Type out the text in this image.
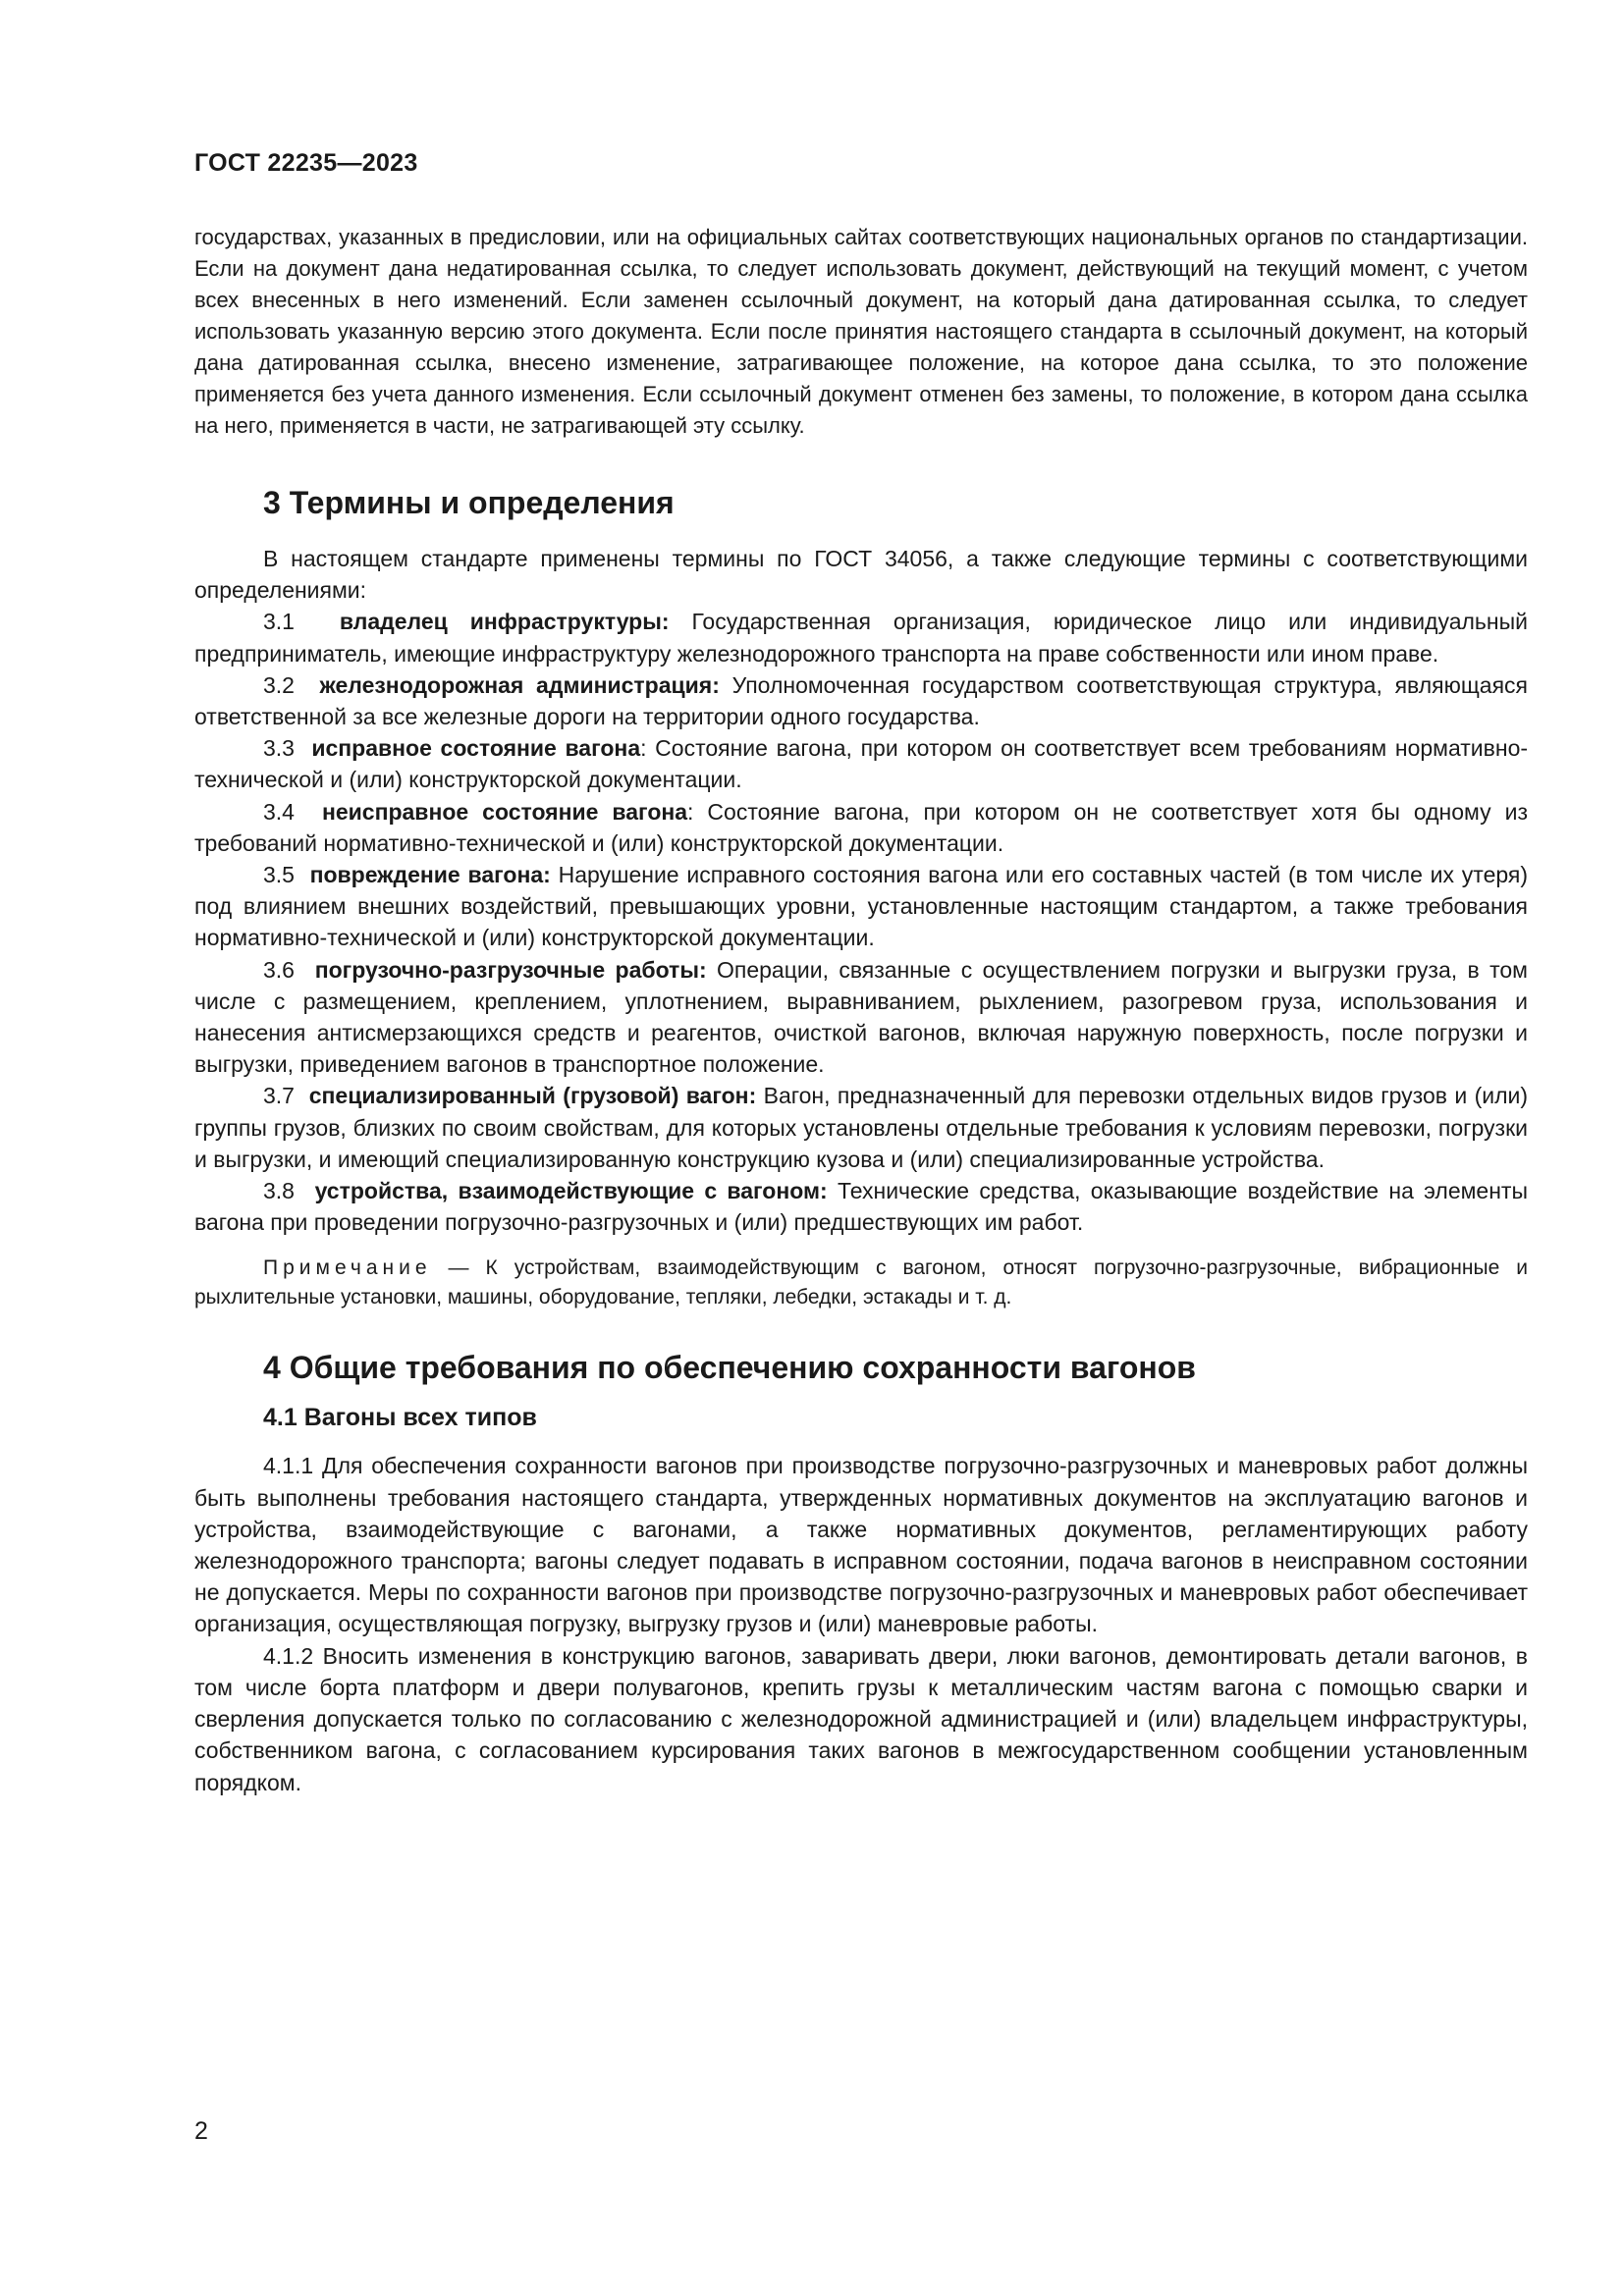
ГОСТ 22235—2023

государствах, указанных в предисловии, или на официальных сайтах соответствующих национальных органов по стандартизации. Если на документ дана недатированная ссылка, то следует использовать документ, действующий на текущий момент, с учетом всех внесенных в него изменений. Если заменен ссылочный документ, на который дана датированная ссылка, то следует использовать указанную версию этого документа. Если после принятия настоящего стандарта в ссылочный документ, на который дана датированная ссылка, внесено изменение, затрагивающее положение, на которое дана ссылка, то это положение применяется без учета данного изменения. Если ссылочный документ отменен без замены, то положение, в котором дана ссылка на него, применяется в части, не затрагивающей эту ссылку.

3 Термины и определения

В настоящем стандарте применены термины по ГОСТ 34056, а также следующие термины с соответствующими определениями:

3.1 владелец инфраструктуры: Государственная организация, юридическое лицо или индивидуальный предприниматель, имеющие инфраструктуру железнодорожного транспорта на праве собственности или ином праве.

3.2 железнодорожная администрация: Уполномоченная государством соответствующая структура, являющаяся ответственной за все железные дороги на территории одного государства.

3.3 исправное состояние вагона: Состояние вагона, при котором он соответствует всем требованиям нормативно-технической и (или) конструкторской документации.

3.4 неисправное состояние вагона: Состояние вагона, при котором он не соответствует хотя бы одному из требований нормативно-технической и (или) конструкторской документации.

3.5 повреждение вагона: Нарушение исправного состояния вагона или его составных частей (в том числе их утеря) под влиянием внешних воздействий, превышающих уровни, установленные настоящим стандартом, а также требования нормативно-технической и (или) конструкторской документации.

3.6 погрузочно-разгрузочные работы: Операции, связанные с осуществлением погрузки и выгрузки груза, в том числе с размещением, креплением, уплотнением, выравниванием, рыхлением, разогревом груза, использования и нанесения антисмерзающихся средств и реагентов, очисткой вагонов, включая наружную поверхность, после погрузки и выгрузки, приведением вагонов в транспортное положение.

3.7 специализированный (грузовой) вагон: Вагон, предназначенный для перевозки отдельных видов грузов и (или) группы грузов, близких по своим свойствам, для которых установлены отдельные требования к условиям перевозки, погрузки и выгрузки, и имеющий специализированную конструкцию кузова и (или) специализированные устройства.

3.8 устройства, взаимодействующие с вагоном: Технические средства, оказывающие воздействие на элементы вагона при проведении погрузочно-разгрузочных и (или) предшествующих им работ.

Примечание — К устройствам, взаимодействующим с вагоном, относят погрузочно-разгрузочные, вибрационные и рыхлительные установки, машины, оборудование, тепляки, лебедки, эстакады и т. д.

4 Общие требования по обеспечению сохранности вагонов
4.1 Вагоны всех типов

4.1.1 Для обеспечения сохранности вагонов при производстве погрузочно-разгрузочных и маневровых работ должны быть выполнены требования настоящего стандарта, утвержденных нормативных документов на эксплуатацию вагонов и устройства, взаимодействующие с вагонами, а также нормативных документов, регламентирующих работу железнодорожного транспорта; вагоны следует подавать в исправном состоянии, подача вагонов в неисправном состоянии не допускается. Меры по сохранности вагонов при производстве погрузочно-разгрузочных и маневровых работ обеспечивает организация, осуществляющая погрузку, выгрузку грузов и (или) маневровые работы.

4.1.2 Вносить изменения в конструкцию вагонов, заваривать двери, люки вагонов, демонтировать детали вагонов, в том числе борта платформ и двери полувагонов, крепить грузы к металлическим частям вагона с помощью сварки и сверления допускается только по согласованию с железнодорожной администрацией и (или) владельцем инфраструктуры, собственником вагона, с согласованием курсирования таких вагонов в межгосударственном сообщении установленным порядком.

2
